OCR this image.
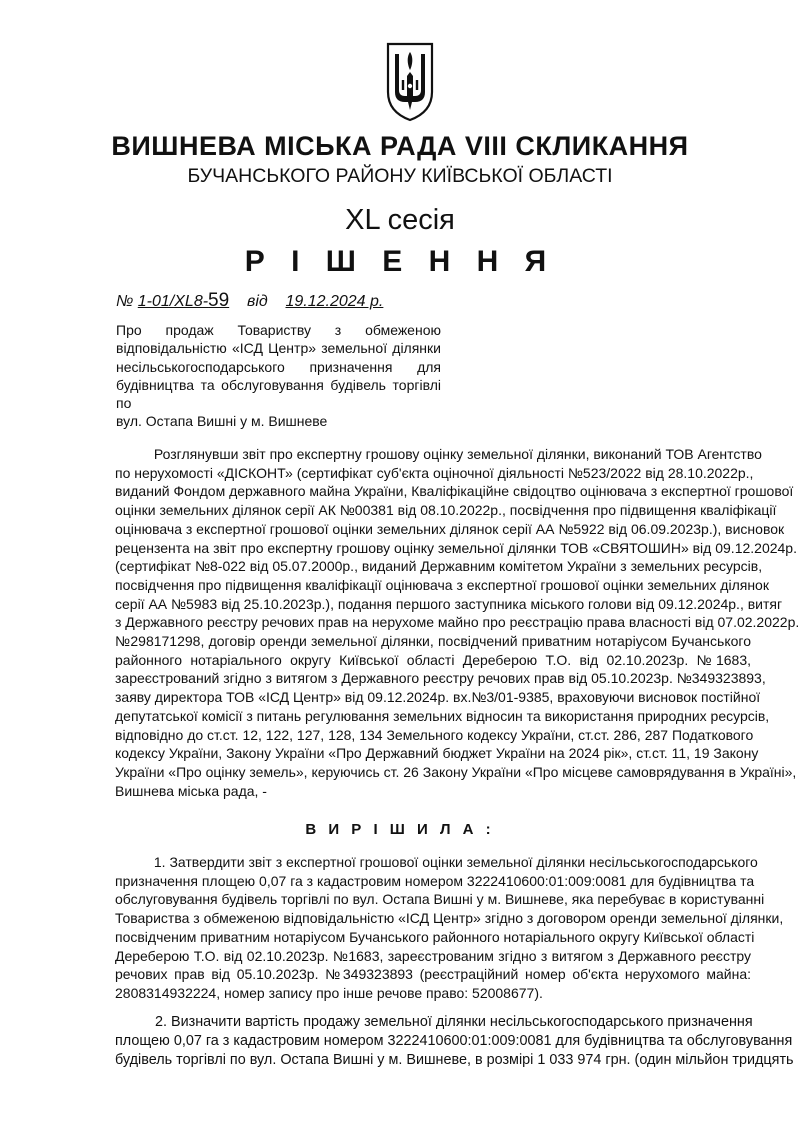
ВИШНЕВА МІСЬКА РАДА VIII СКЛИКАННЯ
БУЧАНСЬКОГО РАЙОНУ КИЇВСЬКОЇ ОБЛАСТІ
XL сесія
Р І Ш Е Н Н Я
№ 1-01/XL8-59 від 19.12.2024 р.
Про продаж Товариству з обмеженою
відповідальністю «ІСД Центр» земельної ділянки
несільськогосподарського призначення для
будівництва та обслуговування будівель торгівлі по
вул. Остапа Вишні у м. Вишневе
Розглянувши звіт про експертну грошову оцінку земельної ділянки, виконаний ТОВ Агентство
по нерухомості «ДІСКОНТ» (сертифікат суб'єкта оціночної діяльності №523/2022 від 28.10.2022р.,
виданий Фондом державного майна України, Кваліфікаційне свідоцтво оцінювача з експертної грошової
оцінки земельних ділянок серії АК №00381 від 08.10.2022р., посвідчення про підвищення кваліфікації
оцінювача з експертної грошової оцінки земельних ділянок серії АА №5922 від 06.09.2023р.), висновок
рецензента на звіт про експертну грошову оцінку земельної ділянки ТОВ «СВЯТОШИН» від 09.12.2024р.
(сертифікат №8-022 від 05.07.2000р., виданий Державним комітетом України з земельних ресурсів,
посвідчення про підвищення кваліфікації оцінювача з експертної грошової оцінки земельних ділянок
серії АА №5983 від 25.10.2023р.), подання першого заступника міського голови від 09.12.2024р., витяг
з Державного реєстру речових прав на нерухоме майно про реєстрацію права власності від 07.02.2022р.
№298171298, договір оренди земельної ділянки, посвідчений приватним нотаріусом Бучанського
районного нотаріального округу Київської області Дереберою Т.О. від 02.10.2023р. №1683,
зареєстрований згідно з витягом з Державного реєстру речових прав від 05.10.2023р. №349323893,
заяву директора ТОВ «ІСД Центр» від 09.12.2024р. вх.№3/01-9385, враховуючи висновок постійної
депутатської комісії з питань регулювання земельних відносин та використання природних ресурсів,
відповідно до ст.ст. 12, 122, 127, 128, 134 Земельного кодексу України, ст.ст. 286, 287 Податкового
кодексу України, Закону України «Про Державний бюджет України на 2024 рік», ст.ст. 11, 19 Закону
України «Про оцінку земель», керуючись ст. 26 Закону України «Про місцеве самоврядування в Україні»,
Вишнева міська рада, -
В И Р І Ш И Л А :
1. Затвердити звіт з експертної грошової оцінки земельної ділянки несільськогосподарського
призначення площею 0,07 га з кадастровим номером 3222410600:01:009:0081 для будівництва та
обслуговування будівель торгівлі по вул. Остапа Вишні у м. Вишневе, яка перебуває в користуванні
Товариства з обмеженою відповідальністю «ІСД Центр» згідно з договором оренди земельної ділянки,
посвідченим приватним нотаріусом Бучанського районного нотаріального округу Київської області
Дереберою Т.О. від 02.10.2023р. №1683, зареєстрованим згідно з витягом з Державного реєстру
речових прав від 05.10.2023р. №349323893 (реєстраційний номер об'єкта нерухомого майна:
2808314932224, номер запису про інше речове право: 52008677).
2. Визначити вартість продажу земельної ділянки несільськогосподарського призначення
площею 0,07 га з кадастровим номером 3222410600:01:009:0081 для будівництва та обслуговування
будівель торгівлі по вул. Остапа Вишні у м. Вишневе, в розмірі 1 033 974 грн. (один мільйон тридцять
